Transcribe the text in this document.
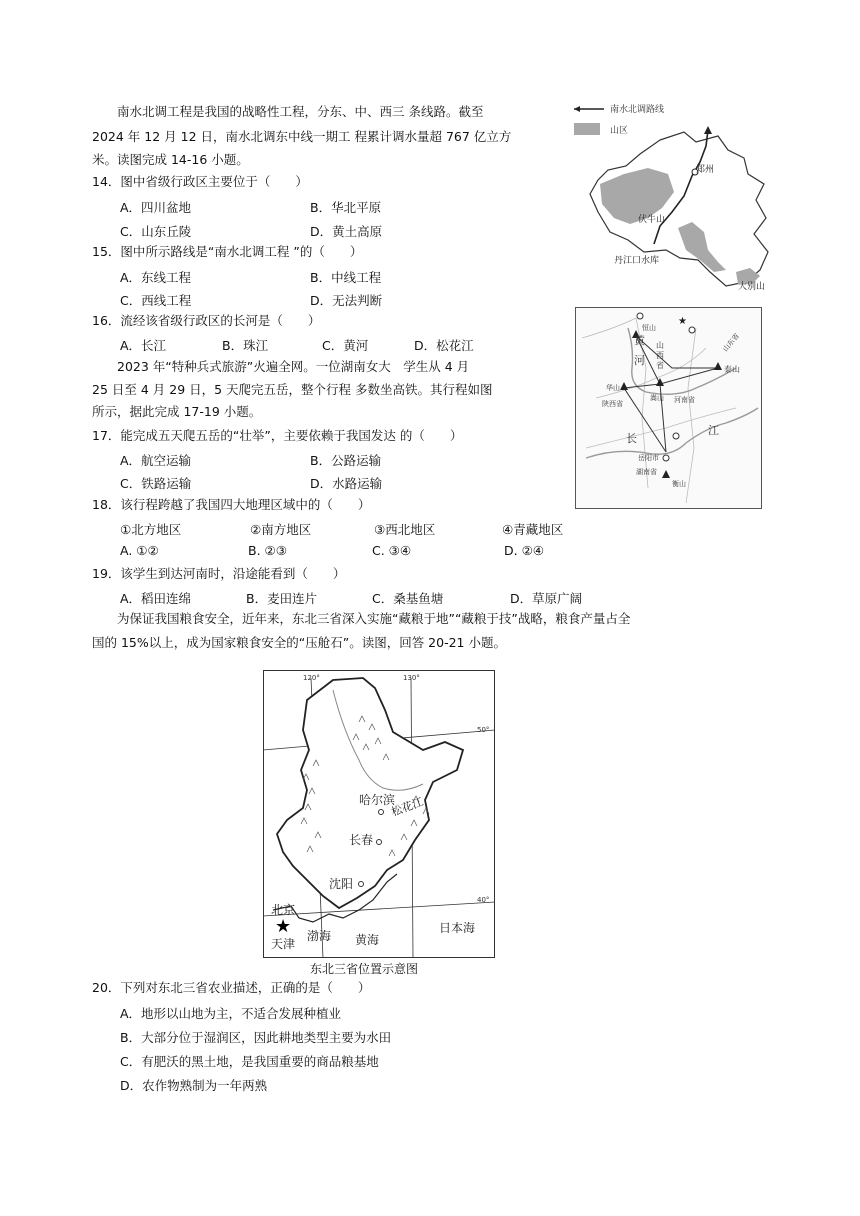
南水北调工程是我国的战略性工程，分东、中、西三 条线路。截至
2024 年 12 月 12 日，南水北调东中线一期工 程累计调水量超 767 亿立方
米。读图完成 14-16 小题。
14．图中省级行政区主要位于（　　）
A．四川盆地	B．华北平原
C．山东丘陵	D．黄土高原
15．图中所示路线是“南水北调工程 ”的（　　）
A．东线工程	B．中线工程
C．西线工程	D．无法判断
16．流经该省级行政区的长河是（　　）
A．长江	B．珠江	C．黄河	D．松花江
南水北调路线
山区
郑州
伏牛山
丹江口水库
大别山
2023 年“特种兵式旅游”火遍全网。一位湖南女大　学生从 4 月
25 日至 4 月 29 日，5 天爬完五岳，整个行程 多数坐高铁。其行程如图
所示，据此完成 17-19 小题。
17．能完成五天爬五岳的“壮举”，主要依赖于我国发达 的（　　）
A．航空运输	B．公路运输
C．铁路运输	D．水路运输
18．该行程跨越了我国四大地理区域中的（　　）
①北方地区	②南方地区	③西北地区	④青藏地区
A. ①②	B. ②③	C. ③④	D. ②④
19．该学生到达河南时，沿途能看到（　　）
A．稻田连绵	B．麦田连片	C．桑基鱼塘	D．草原广阔
★
恒山
山
西
省
黄
河
泰山
华山
嵩山 河南省
陕西省
长
江
岳阳市
湖南省
衡山
山东省
为保证我国粮食安全，近年来，东北三省深入实施“藏粮于地”“藏粮于技”战略，粮食产量占全
国的 15%以上，成为国家粮食安全的“压舱石”。读图，回答 20-21 小题。
★
120°	130°
50°
40°
哈尔滨
松花江
长春
沈阳
北京
天津
渤海 黄海
日本海
东北三省位置示意图
20．下列对东北三省农业描述，正确的是（　　）
A．地形以山地为主，不适合发展种植业
B．大部分位于湿润区，因此耕地类型主要为水田
C．有肥沃的黑土地，是我国重要的商品粮基地
D．农作物熟制为一年两熟
